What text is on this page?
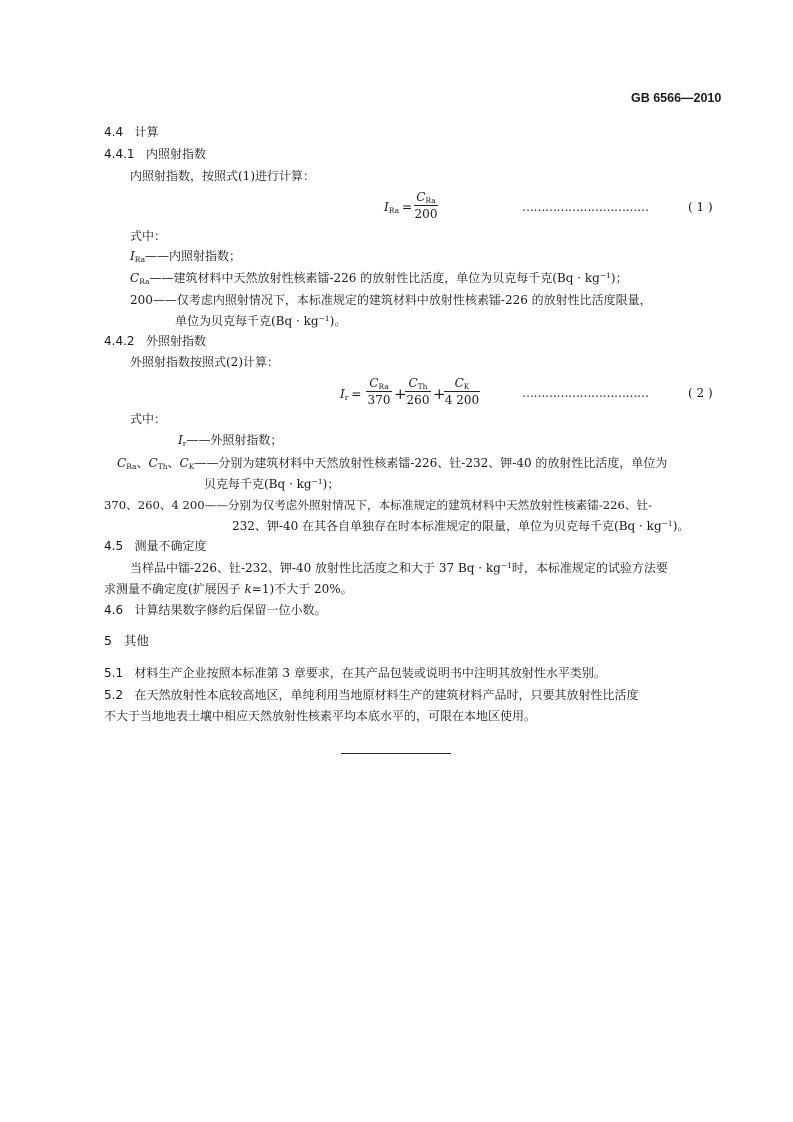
GB 6566—2010
4.4 计算
4.4.1 内照射指数
内照射指数，按照式(1)进行计算：
$I_{Ra}$ =
$C_{Ra}$
200	……………………………	( 1 )
式中：
$I_{Ra}——$内照射指数；
$C_{Ra}——$建筑材料中天然放射性核素镭-226 的放射性比活度，单位为贝克每千克$(Bq \cdot kg^{-1})$；
200——仅考虑内照射情况下，本标准规定的建筑材料中放射性核素镭-226 的放射性比活度限量，
单位为贝克每千克$(Bq \cdot kg^{-1})$。
4.4.2 外照射指数
外照射指数按照式(2)计算：
$I_r$ =
$C_{Ra}$
370 +
$C_{Th}$
260 +
$C_K$
4 200	……………………………	( 2 )
式中：
$I_r——$外照射指数；
$C_{Ra}$、$C_{Th}$、$C_K——$分别为建筑材料中天然放射性核素镭-226、钍-232、钾-40 的放射性比活度，单位为
贝克每千克$(Bq \cdot kg^{-1})$；
370、260、4 200——分别为仅考虑外照射情况下，本标准规定的建筑材料中天然放射性核素镭-226、钍-
232、钾-40 在其各自单独存在时本标准规定的限量，单位为贝克每千克$(Bq \cdot kg^{-1})$。
4.5 测量不确定度
当样品中镭-226、钍-232、钾-40 放射性比活度之和大于 37 $Bq \cdot kg^{-1}$时，本标准规定的试验方法要
求测量不确定度(扩展因子 k=1)不大于 20%。
4.6 计算结果数字修约后保留一位小数。
5 其他
5.1 材料生产企业按照本标准第 3 章要求，在其产品包装或说明书中注明其放射性水平类别。
5.2 在天然放射性本底较高地区，单纯利用当地原材料生产的建筑材料产品时，只要其放射性比活度
不大于当地地表土壤中相应天然放射性核素平均本底水平的，可限在本地区使用。
